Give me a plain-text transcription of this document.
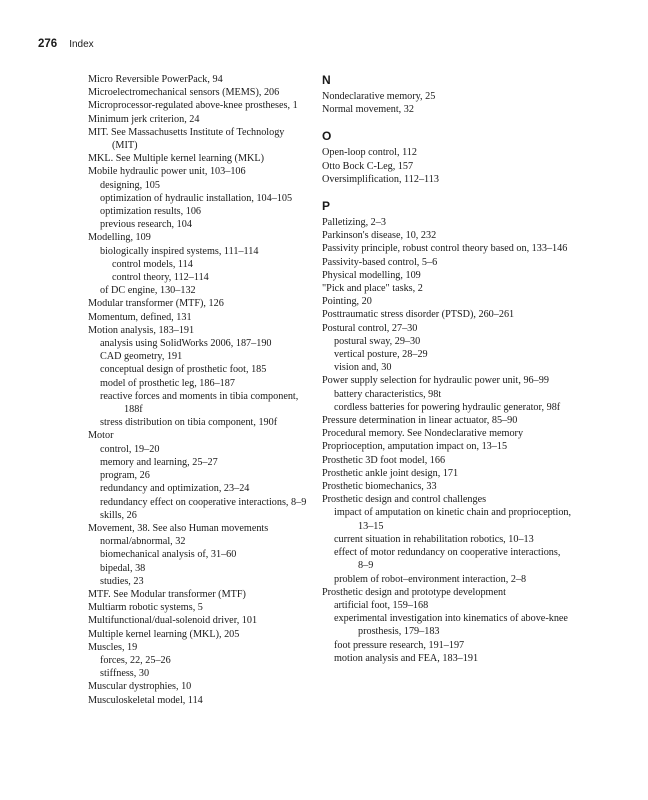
276 Index
Micro Reversible PowerPack, 94
Microelectromechanical sensors (MEMS), 206
Microprocessor-regulated above-knee prostheses, 1
Minimum jerk criterion, 24
MIT. See Massachusetts Institute of Technology (MIT)
MKL. See Multiple kernel learning (MKL)
Mobile hydraulic power unit, 103–106
designing, 105
optimization of hydraulic installation, 104–105
optimization results, 106
previous research, 104
Modelling, 109
biologically inspired systems, 111–114
control models, 114
control theory, 112–114
of DC engine, 130–132
Modular transformer (MTF), 126
Momentum, defined, 131
Motion analysis, 183–191
analysis using SolidWorks 2006, 187–190
CAD geometry, 191
conceptual design of prosthetic foot, 185
model of prosthetic leg, 186–187
reactive forces and moments in tibia component, 188f
stress distribution on tibia component, 190f
Motor
control, 19–20
memory and learning, 25–27
program, 26
redundancy and optimization, 23–24
redundancy effect on cooperative interactions, 8–9
skills, 26
Movement, 38. See also Human movements
normal/abnormal, 32
biomechanical analysis of, 31–60
bipedal, 38
studies, 23
MTF. See Modular transformer (MTF)
Multiarm robotic systems, 5
Multifunctional/dual-solenoid driver, 101
Multiple kernel learning (MKL), 205
Muscles, 19
forces, 22, 25–26
stiffness, 30
Muscular dystrophies, 10
Musculoskeletal model, 114
N
Nondeclarative memory, 25
Normal movement, 32
O
Open-loop control, 112
Otto Bock C-Leg, 157
Oversimplification, 112–113
P
Palletizing, 2–3
Parkinson's disease, 10, 232
Passivity principle, robust control theory based on, 133–146
Passivity-based control, 5–6
Physical modelling, 109
"Pick and place" tasks, 2
Pointing, 20
Posttraumatic stress disorder (PTSD), 260–261
Postural control, 27–30
postural sway, 29–30
vertical posture, 28–29
vision and, 30
Power supply selection for hydraulic power unit, 96–99
battery characteristics, 98t
cordless batteries for powering hydraulic generator, 98f
Pressure determination in linear actuator, 85–90
Procedural memory. See Nondeclarative memory
Proprioception, amputation impact on, 13–15
Prosthetic 3D foot model, 166
Prosthetic ankle joint design, 171
Prosthetic biomechanics, 33
Prosthetic design and control challenges
impact of amputation on kinetic chain and proprioception, 13–15
current situation in rehabilitation robotics, 10–13
effect of motor redundancy on cooperative interactions, 8–9
problem of robot–environment interaction, 2–8
Prosthetic design and prototype development
artificial foot, 159–168
experimental investigation into kinematics of above-knee prosthesis, 179–183
foot pressure research, 191–197
motion analysis and FEA, 183–191
